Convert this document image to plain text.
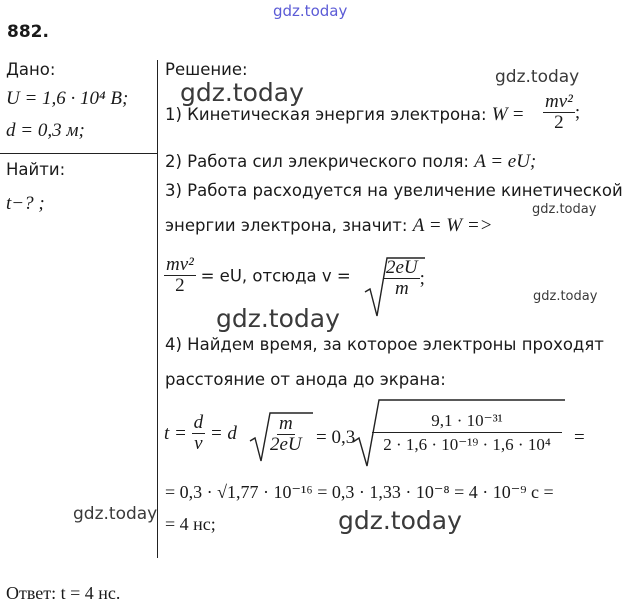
gdz.today
gdz.today
gdz.today
gdz.today
gdz.today
gdz.today
gdz.today	gdz.today
882.
Дано:
U = 1,6 · 10⁴ В;
d = 0,3 м;
Найти:
t−? ;
Решение:
1) Кинетическая энергия электрона: $W = \frac{\text{mv²}}{2}$ ;
2) Работа сил элекрического поля: A = eU;
3) Работа расходуется на увеличение кинетической
энергии электрона, значит: A = W =>
$\frac{\text{mv²}}{2}$ = eU, отсюда $v = \frac{2eU}{m}$ ;
4) Найдем время, за которое электроны проходят
расстояние от анода до экрана:
$t = \frac{d}{v} = d \frac{m}{2eU} = 0,3 \frac{\text{9,1 · 10⁻³¹}}{\text{2 · 1,6 · 10⁻¹⁹ · 1,6 · 10⁴}}$ =
= 0,3 · √1,77 · 10⁻¹⁶ = 0,3 · 1,33 · 10⁻⁸ = 4 · 10⁻⁹ с =
= 4 нс;
Ответ: t = 4 нс.
